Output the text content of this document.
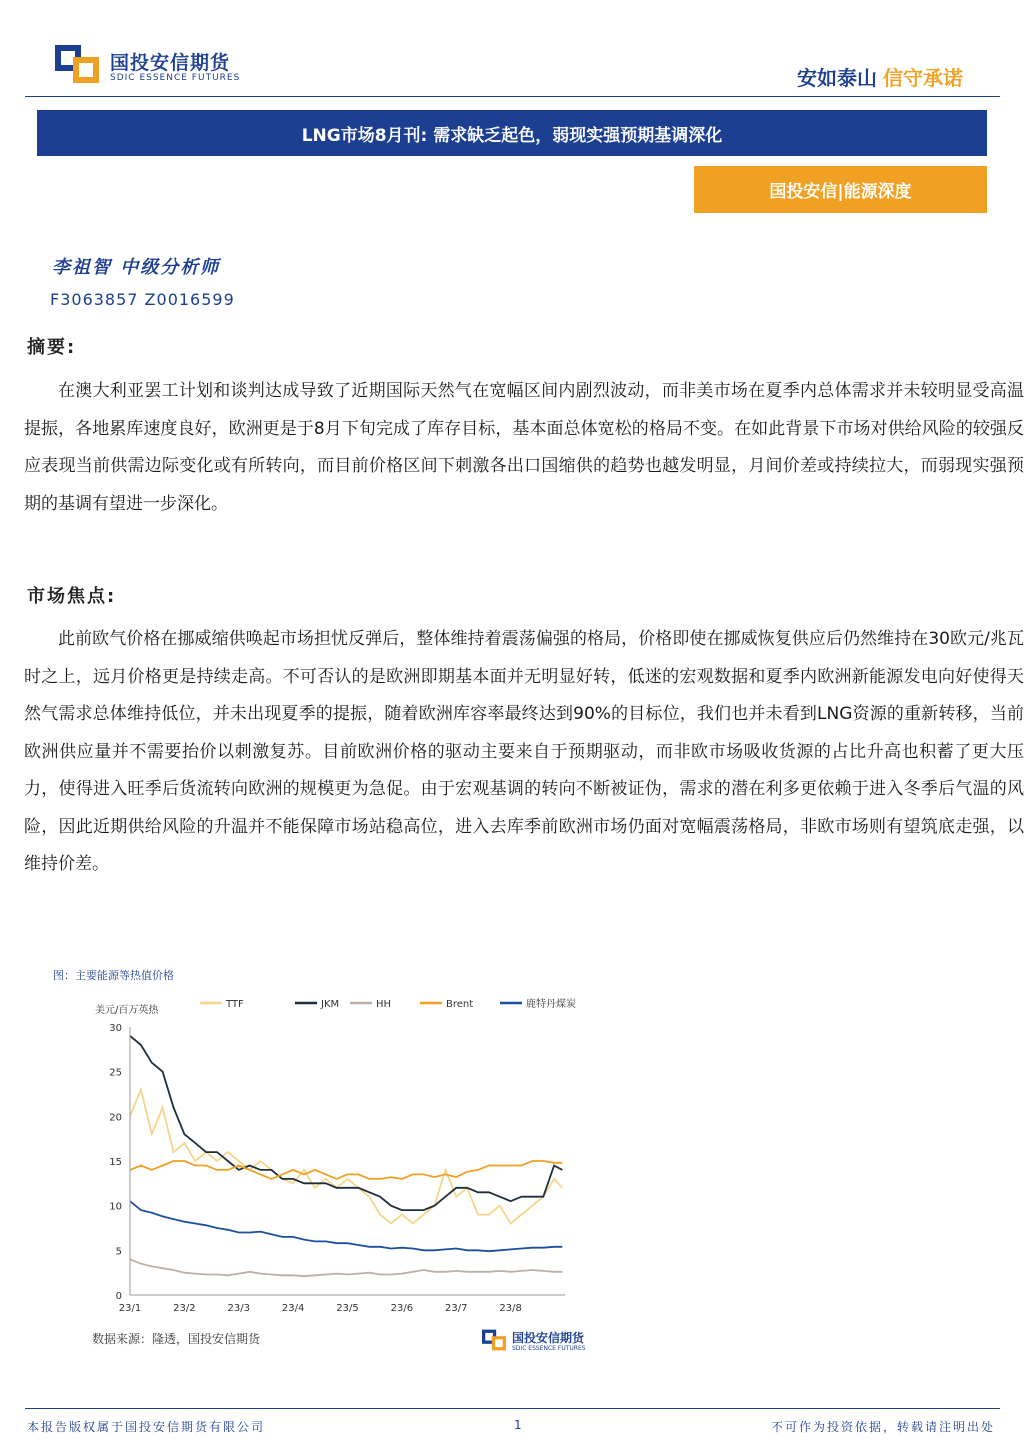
国投安信期货
SDIC ESSENCE FUTURES	安如泰山 信守承诺
LNG市场8月刊: 需求缺乏起色，弱现实强预期基调深化
国投安信|能源深度
李祖智 中级分析师
F3063857 Z0016599
摘要:

在澳大利亚罢工计划和谈判达成导致了近期国际天然气在宽幅区间内剧烈波动，而非美市场在夏季内总体需求并未较明显受高温提振，各地累库速度良好，欧洲更是于8月下旬完成了库存目标，基本面总体宽松的格局不变。在如此背景下市场对供给风险的较强反应表现当前供需边际变化或有所转向，而目前价格区间下刺激各出口国缩供的趋势也越发明显，月间价差或持续拉大，而弱现实强预期的基调有望进一步深化。

市场焦点:

此前欧气价格在挪威缩供唤起市场担忧反弹后，整体维持着震荡偏强的格局，价格即使在挪威恢复供应后仍然维持在30欧元/兆瓦时之上，远月价格更是持续走高。不可否认的是欧洲即期基本面并无明显好转，低迷的宏观数据和夏季内欧洲新能源发电向好使得天然气需求总体维持低位，并未出现夏季的提振，随着欧洲库容率最终达到90%的目标位，我们也并未看到LNG资源的重新转移，当前欧洲供应量并不需要抬价以刺激复苏。目前欧洲价格的驱动主要来自于预期驱动，而非欧市场吸收货源的占比升高也积蓄了更大压力，使得进入旺季后货流转向欧洲的规模更为急促。由于宏观基调的转向不断被证伪，需求的潜在利多更依赖于进入冬季后气温的风险，因此近期供给风险的升温并不能保障市场站稳高位，进入去库季前欧洲市场仍面对宽幅震荡格局，非欧市场则有望筑底走强，以维持价差。

图：主要能源等热值价格
TTF	JKM	HH	Brent	鹿特丹煤炭
美元/百万英热
0
5
10
15
20
25
30
23/1	23/2	23/3	23/4	23/5	23/6	23/7	23/8
数据来源：隆透，国投安信期货	国投安信期货
SDIC ESSENCE FUTURES
本报告版权属于国投安信期货有限公司	1	不可作为投资依据，转载请注明出处
